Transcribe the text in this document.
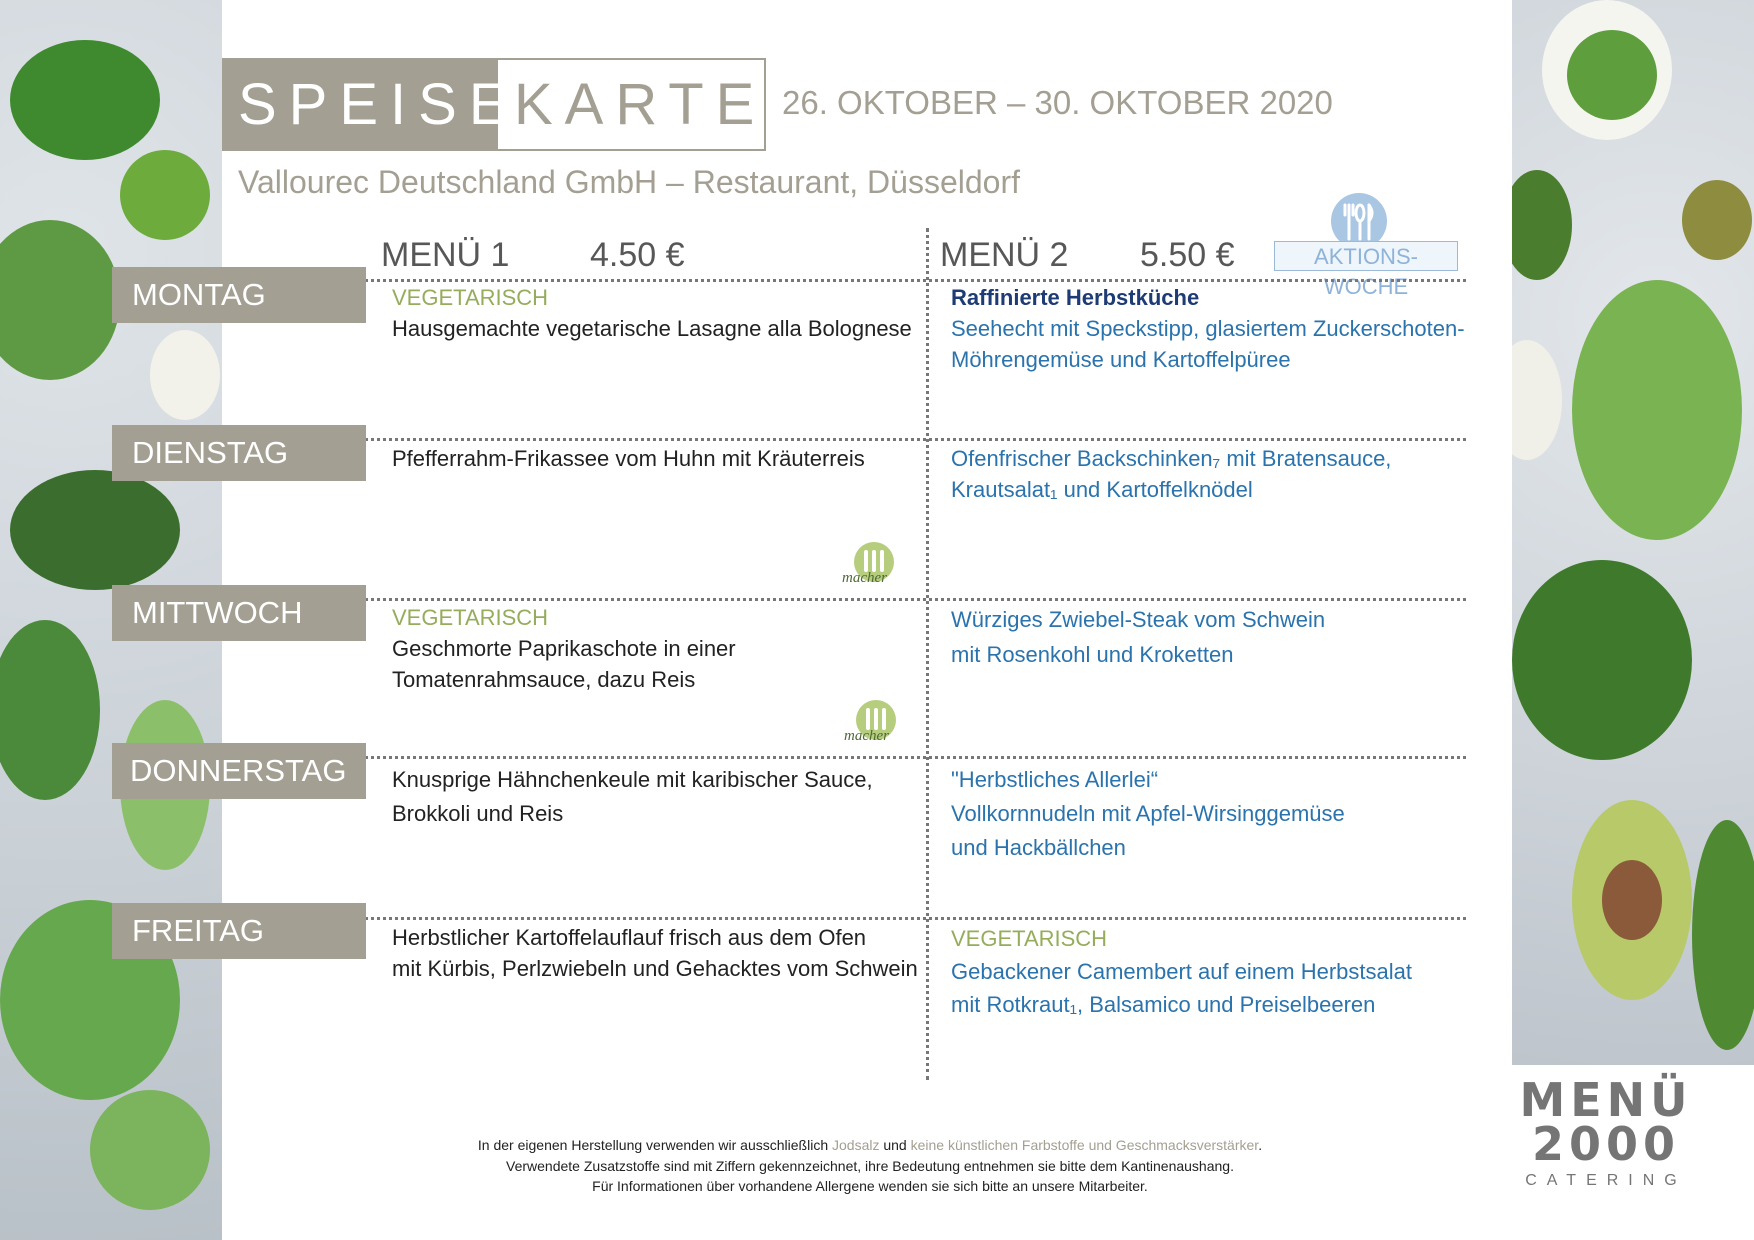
SPEISE
KARTE 26. OKTOBER – 30. OKTOBER 2020
Vallourec Deutschland GmbH – Restaurant, Düsseldorf
AKTIONS-WOCHE
MENÜ 1 4.50 €	MENÜ 2 5.50 €
MONTAG
DIENSTAG
MITTWOCH
DONNERSTAG
FREITAG
VEGETARISCH
Hausgemachte vegetarische Lasagne alla Bolognese
Raffinierte Herbstküche
Seehecht mit Speckstipp, glasiertem Zuckerschoten-
Möhrengemüse und Kartoffelpüree
Pfefferrahm-Frikassee vom Huhn mit Kräuterreis	Ofenfrischer Backschinken₇ mit Bratensauce,
Krautsalat₁ und Kartoffelknödel
macher
VEGETARISCH
Geschmorte Paprikaschote in einer
Tomatenrahmsauce, dazu Reis
Würziges Zwiebel-Steak vom Schwein
mit Rosenkohl und Kroketten
macher
Knusprige Hähnchenkeule mit karibischer Sauce,
Brokkoli und Reis
"Herbstliches Allerlei“
Vollkornnudeln mit Apfel-Wirsinggemüse
und Hackbällchen
Herbstlicher Kartoffelauflauf frisch aus dem Ofen
mit Kürbis, Perlzwiebeln und Gehacktes vom Schwein
VEGETARISCH
Gebackener Camembert auf einem Herbstsalat
mit Rotkraut₁, Balsamico und Preiselbeeren
In der eigenen Herstellung verwenden wir ausschließlich Jodsalz und keine künstlichen Farbstoffe und Geschmacksverstärker.
Verwendete Zusatzstoffe sind mit Ziffern gekennzeichnet, ihre Bedeutung entnehmen sie bitte dem Kantinenaushang.
Für Informationen über vorhandene Allergene wenden sie sich bitte an unsere Mitarbeiter.
MENÜ
2000
CATERING
